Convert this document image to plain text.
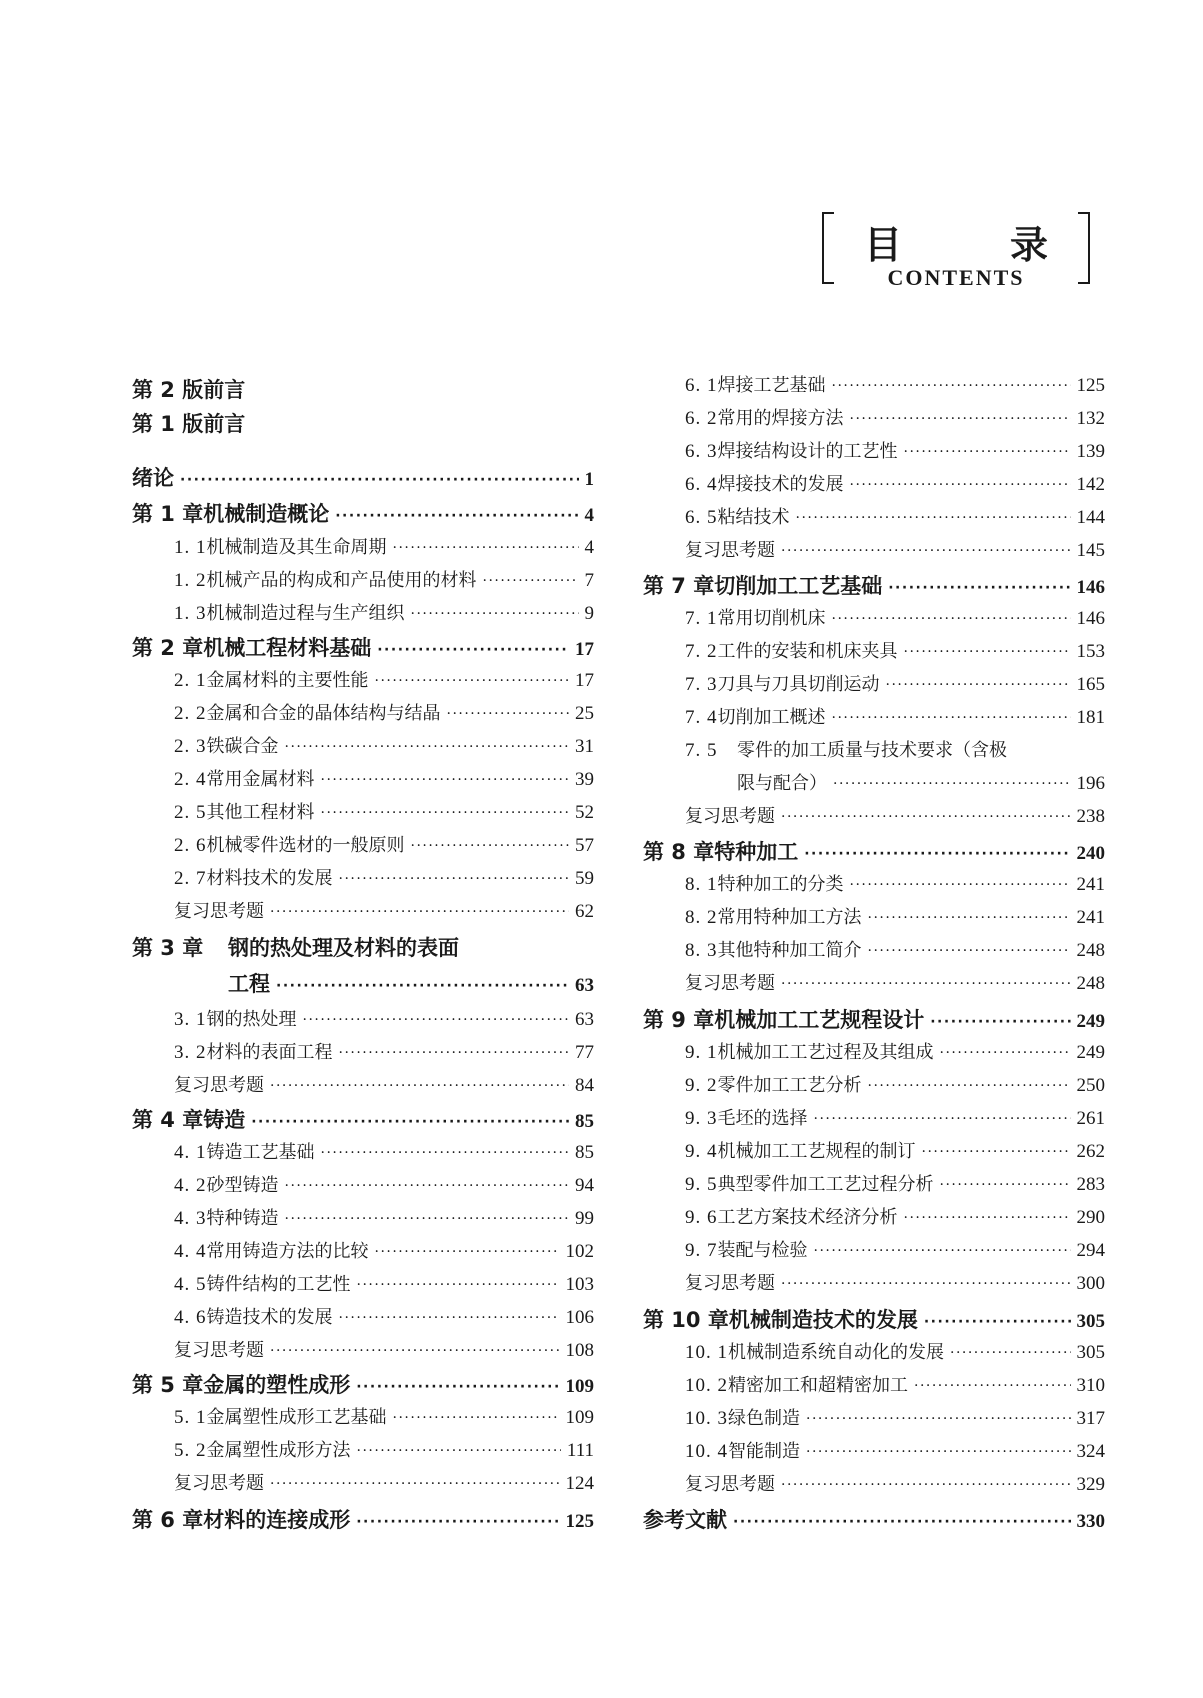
目	录
CONTENTS
第 2 版前言
第 1 版前言
绪论 ·····	1
第 1 章 机械制造概论 ·····	4
1. 1 机械制造及其生命周期 ·····	4
1. 2 机械产品的构成和产品使用的材料 ·····	7
1. 3 机械制造过程与生产组织 ·····	9
第 2 章 机械工程材料基础 ·····	17
2. 1 金属材料的主要性能 ·····	17
2. 2 金属和合金的晶体结构与结晶 ·····	25
2. 3 铁碳合金 ·····	31
2. 4 常用金属材料 ·····	39
2. 5 其他工程材料 ·····	52
2. 6 机械零件选材的一般原则 ·····	57
2. 7 材料技术的发展 ·····	59
复习思考题 ·····	62
第 3 章	钢的热处理及材料的表面
工程 ·····	63
3. 1 钢的热处理 ·····	63
3. 2 材料的表面工程 ·····	77
复习思考题 ·····	84
第 4 章 铸造 ·····	85
4. 1 铸造工艺基础 ·····	85
4. 2 砂型铸造 ·····	94
4. 3 特种铸造 ·····	99
4. 4 常用铸造方法的比较 ·····	102
4. 5 铸件结构的工艺性 ·····	103
4. 6 铸造技术的发展 ·····	106
复习思考题 ·····	108
第 5 章 金属的塑性成形 ·····	109
5. 1 金属塑性成形工艺基础 ·····	109
5. 2 金属塑性成形方法 ·····	111
复习思考题 ·····	124
第 6 章 材料的连接成形 ·····	125
6. 1 焊接工艺基础 ·····	125
6. 2 常用的焊接方法 ·····	132
6. 3 焊接结构设计的工艺性 ·····	139
6. 4 焊接技术的发展 ·····	142
6. 5 粘结技术 ·····	144
复习思考题 ·····	145
第 7 章 切削加工工艺基础 ·····	146
7. 1 常用切削机床 ·····	146
7. 2 工件的安装和机床夹具 ·····	153
7. 3 刀具与刀具切削运动 ·····	165
7. 4 切削加工概述 ·····	181
7. 5	零件的加工质量与技术要求（含极
限与配合） ·····	196
复习思考题 ·····	238
第 8 章 特种加工 ·····	240
8. 1 特种加工的分类 ·····	241
8. 2 常用特种加工方法 ·····	241
8. 3 其他特种加工简介 ·····	248
复习思考题 ·····	248
第 9 章 机械加工工艺规程设计 ·····	249
9. 1 机械加工工艺过程及其组成 ·····	249
9. 2 零件加工工艺分析 ·····	250
9. 3 毛坯的选择 ·····	261
9. 4 机械加工工艺规程的制订 ·····	262
9. 5 典型零件加工工艺过程分析 ·····	283
9. 6 工艺方案技术经济分析 ·····	290
9. 7 装配与检验 ·····	294
复习思考题 ·····	300
第 10 章 机械制造技术的发展 ·····	305
10. 1 机械制造系统自动化的发展 ·····	305
10. 2 精密加工和超精密加工 ·····	310
10. 3 绿色制造 ·····	317
10. 4 智能制造 ·····	324
复习思考题 ·····	329
参考文献 ·····	330
